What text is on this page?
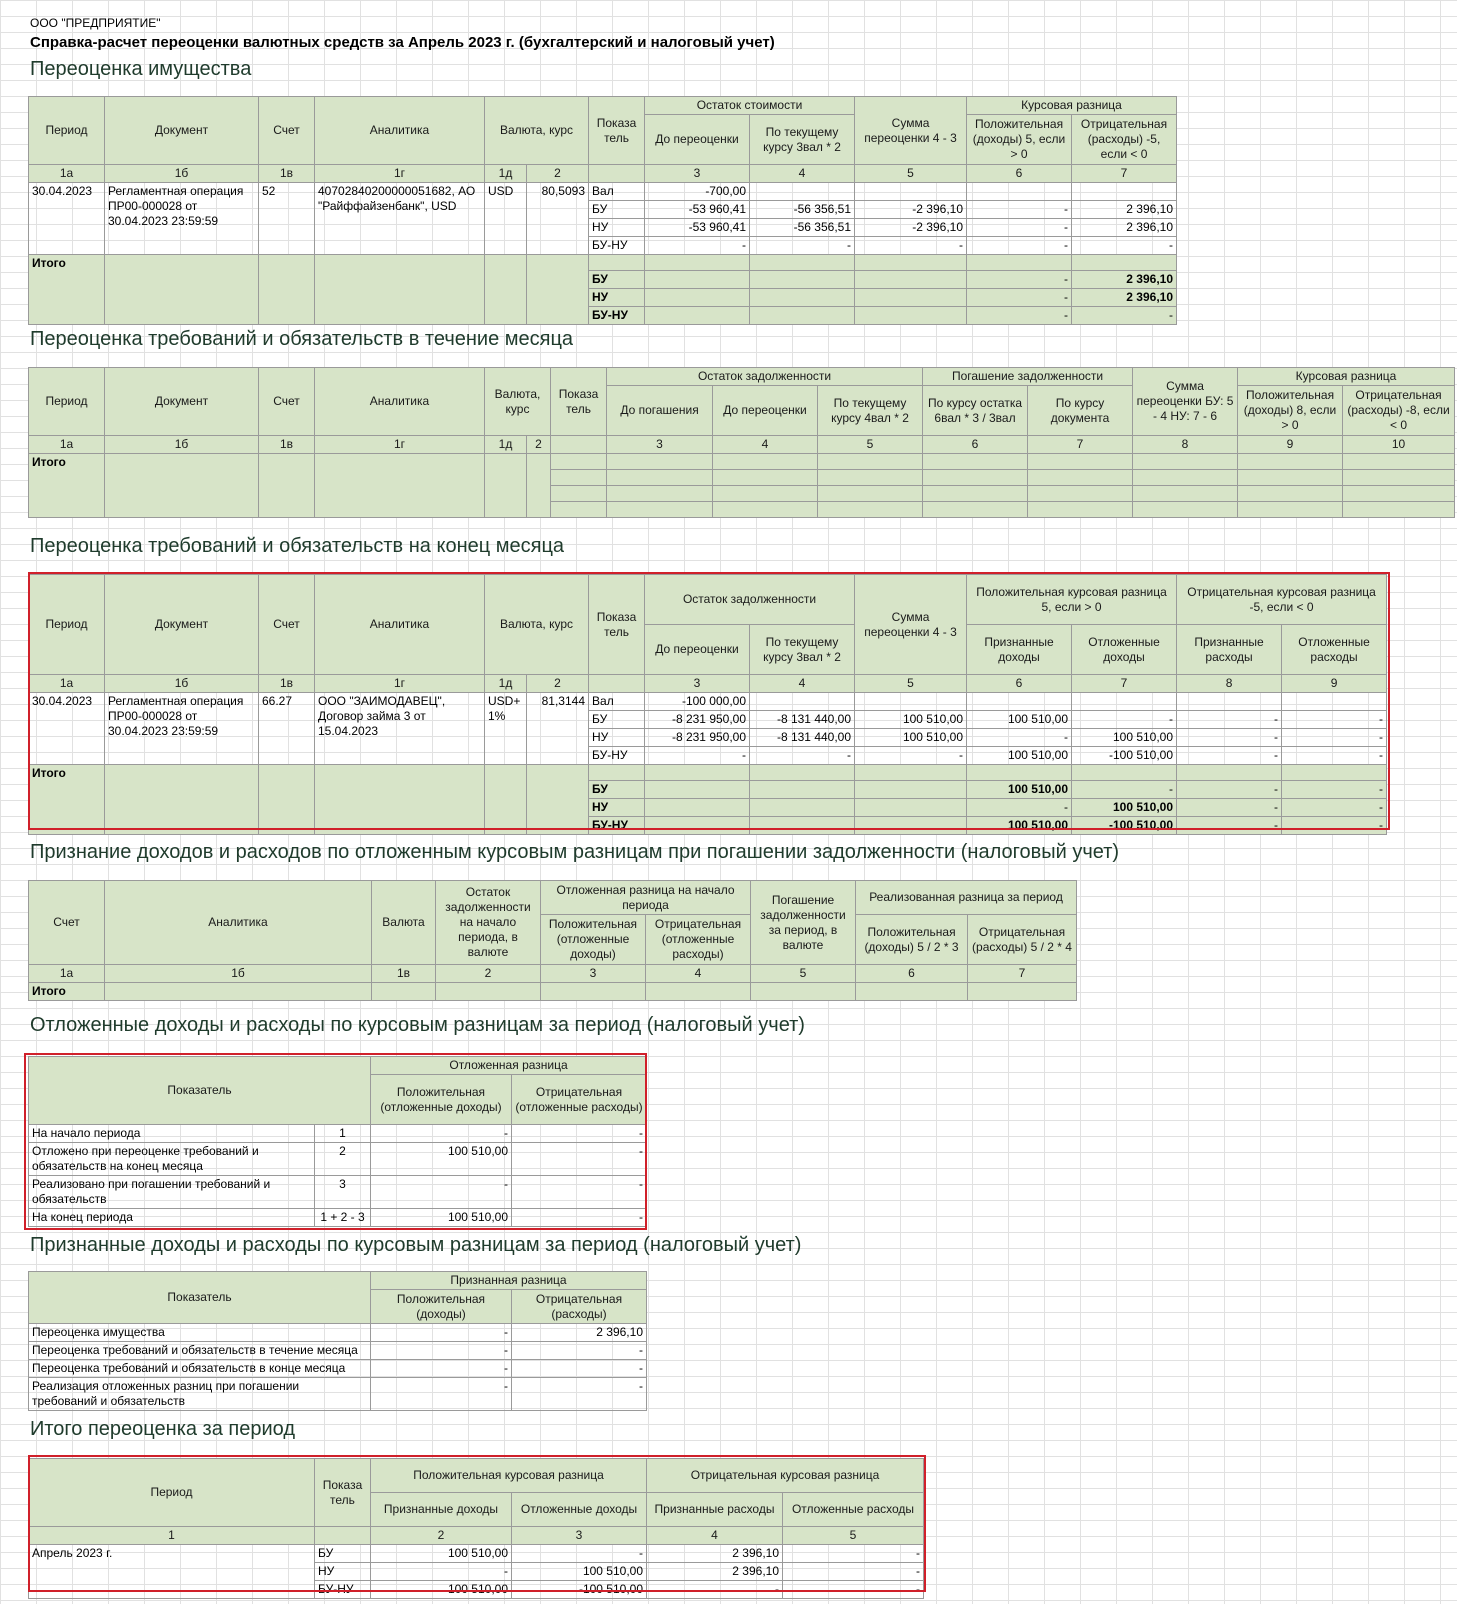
ООО "ПРЕДПРИЯТИЕ"
Справка-расчет переоценки валютных средств за Апрель 2023 г. (бухгалтерский и налоговый учет)
Переоценка имущества
Период	Документ	Счет	Аналитика	Валюта, курс		Показа тель	Остаток стоимости		Сумма переоценки 4 - 3	Курсовая разница	
							До переоценки	По текущему курсу 3вал * 2		Положительная (доходы) 5, если > 0	Отрицательная (расходы) -5, если < 0
1а	1б	1в	1г	1д	2		3	4	5	6	7
30.04.2023	Регламентная операция ПР00-000028 от 30.04.2023 23:59:59	52	40702840200000051682, АО "Райффайзенбанк", USD	USD	80,5093	Вал	-700,00				
						БУ	-53 960,41	-56 356,51	-2 396,10	-	2 396,10
						НУ	-53 960,41	-56 356,51	-2 396,10	-	2 396,10
						БУ-НУ	-	-	-	-	-
Итого											
						БУ				-	2 396,10
						НУ				-	2 396,10
						БУ-НУ				-	-
Переоценка требований и обязательств в течение месяца
Период	Документ	Счет	Аналитика	Валюта, курс		Показа тель	Остаток задолженности			Погашение задолженности		Сумма переоценки БУ: 5 - 4 НУ: 7 - 6	Курсовая разница	
							До погашения	До переоценки	По текущему курсу 4вал * 2	По курсу остатка 6вал * 3 / 3вал	По курсу документа		Положительная (доходы) 8, если > 0	Отрицательная (расходы) -8, если < 0
1а	1б	1в	1г	1д	2		3	4	5	6	7	8	9	10
Итого														

Переоценка требований и обязательств на конец месяца
Период	Документ	Счет	Аналитика	Валюта, курс		Показа тель	Остаток задолженности		Сумма переоценки 4 - 3	Положительная курсовая разница 5, если > 0		Отрицательная курсовая разница -5, если < 0	
							До переоценки	По текущему курсу 3вал * 2		Признанные доходы	Отложенные доходы	Признанные расходы	Отложенные расходы
1а	1б	1в	1г	1д	2		3	4	5	6	7	8	9
30.04.2023	Регламентная операция ПР00-000028 от 30.04.2023 23:59:59	66.27	ООО "ЗАИМОДАВЕЦ", Договор займа 3 от 15.04.2023	USD+ 1%	81,3144	Вал	-100 000,00						
						БУ	-8 231 950,00	-8 131 440,00	100 510,00	100 510,00	-	-	-
						НУ	-8 231 950,00	-8 131 440,00	100 510,00	-	100 510,00	-	-
						БУ-НУ	-	-	-	100 510,00	-100 510,00	-	-
Итого													
						БУ				100 510,00	-	-	-
						НУ				-	100 510,00	-	-
						БУ-НУ				100 510,00	-100 510,00	-	-
Признание доходов и расходов по отложенным курсовым разницам при погашении задолженности (налоговый учет)
Счет	Аналитика	Валюта	Остаток задолженности на начало периода, в валюте	Отложенная разница на начало периода		Погашение задолженности за период, в валюте	Реализованная разница за период	
				Положительная (отложенные доходы)	Отрицательная (отложенные расходы)		Положительная (доходы) 5 / 2 * 3	Отрицательная (расходы) 5 / 2 * 4
1а	1б	1в	2	3	4	5	6	7
Итого								
Отложенные доходы и расходы по курсовым разницам за период (налоговый учет)
Показатель		Отложенная разница	
		Положительная (отложенные доходы)	Отрицательная (отложенные расходы)
На начало периода	1	-	-
Отложено при переоценке требований и обязательств на конец месяца	2	100 510,00	-
Реализовано при погашении требований и обязательств	3	-	-
На конец периода	1 + 2 - 3	100 510,00	-
Признанные доходы и расходы по курсовым разницам за период (налоговый учет)
Показатель	Признанная разница	
	Положительная (доходы)	Отрицательная (расходы)
Переоценка имущества	-	2 396,10
Переоценка требований и обязательств в течение месяца	-	-
Переоценка требований и обязательств в конце месяца	-	-
Реализация отложенных разниц при погашении требований и обязательств	-	-
Итого переоценка за период
Период	Показа тель	Положительная курсовая разница		Отрицательная курсовая разница	
		Признанные доходы	Отложенные доходы	Признанные расходы	Отложенные расходы
1		2	3	4	5
Апрель 2023 г.	БУ	100 510,00	-	2 396,10	-
	НУ	-	100 510,00	2 396,10	-
	БУ-НУ	100 510,00	-100 510,00	-	-
